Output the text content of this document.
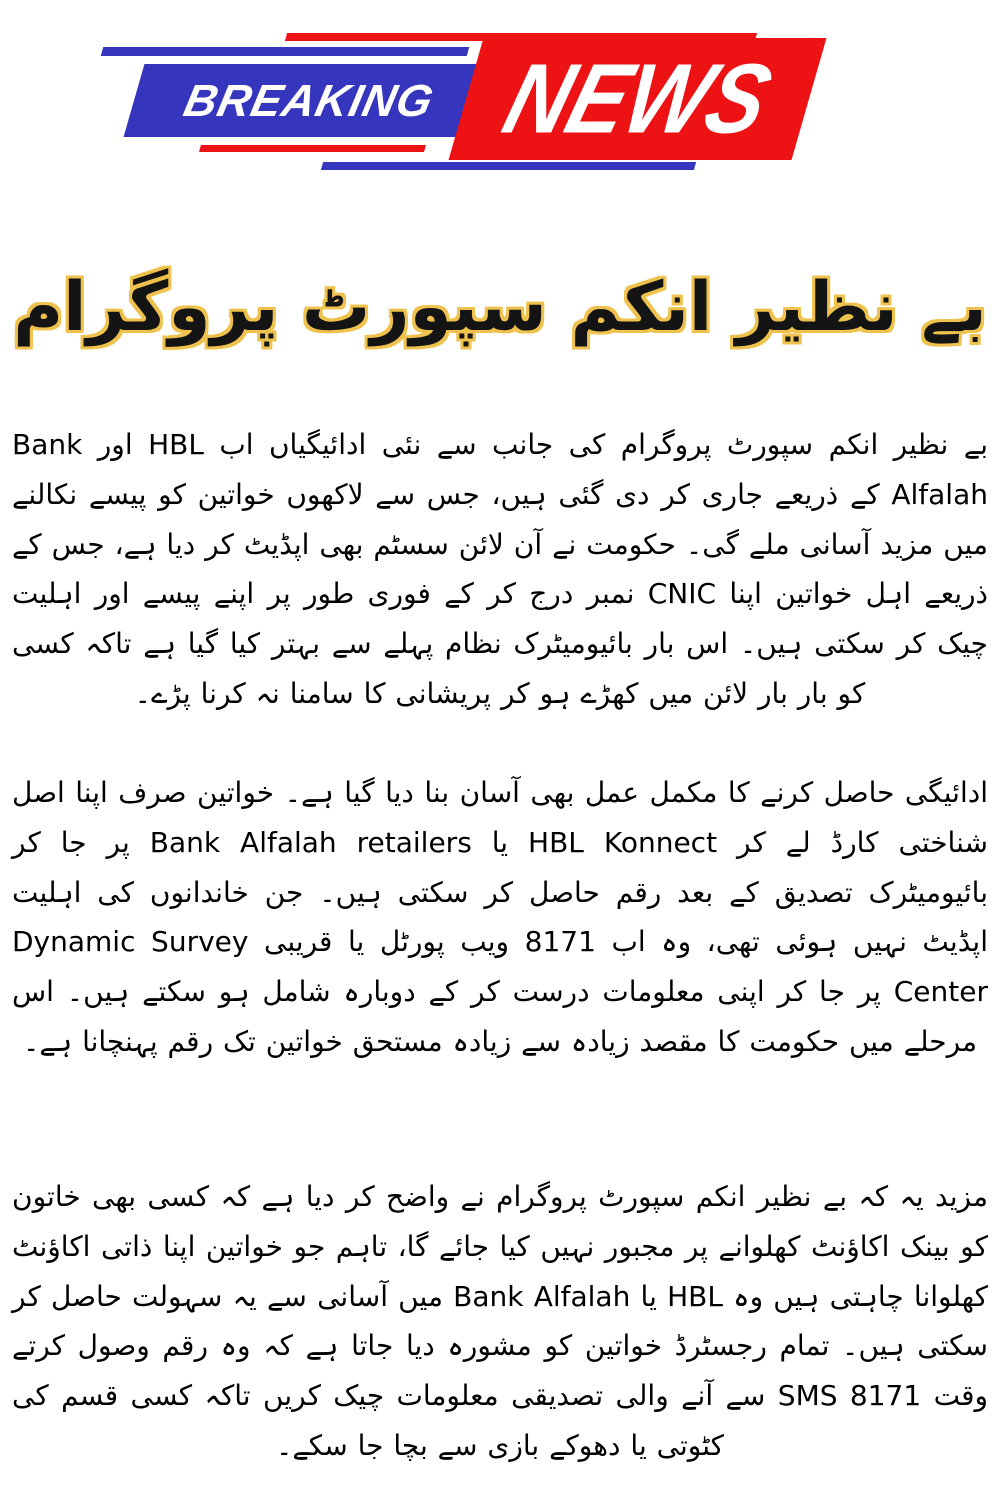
NEWS
BREAKING
بے نظیر انکم سپورٹ پروگرام
بے نظیر انکم سپورٹ پروگرام کی جانب سے نئی ادائیگیاں اب HBL اور Bank Alfalah کے ذریعے جاری کر دی گئی ہیں، جس سے لاکھوں خواتین کو پیسے نکالنے میں مزید آسانی ملے گی۔ حکومت نے آن لائن سسٹم بھی اپڈیٹ کر دیا ہے، جس کے ذریعے اہل خواتین اپنا CNIC نمبر درج کر کے فوری طور پر اپنے پیسے اور اہلیت چیک کر سکتی ہیں۔ اس بار بائیومیٹرک نظام پہلے سے بہتر کیا گیا ہے تاکہ کسی کو بار بار لائن میں کھڑے ہو کر پریشانی کا سامنا نہ کرنا پڑے۔
ادائیگی حاصل کرنے کا مکمل عمل بھی آسان بنا دیا گیا ہے۔ خواتین صرف اپنا اصل شناختی کارڈ لے کر HBL Konnect یا Bank Alfalah retailers پر جا کر بائیومیٹرک تصدیق کے بعد رقم حاصل کر سکتی ہیں۔ جن خاندانوں کی اہلیت اپڈیٹ نہیں ہوئی تھی، وہ اب 8171 ویب پورٹل یا قریبی Dynamic Survey Center پر جا کر اپنی معلومات درست کر کے دوبارہ شامل ہو سکتے ہیں۔ اس مرحلے میں حکومت کا مقصد زیادہ سے زیادہ مستحق خواتین تک رقم پہنچانا ہے۔
مزید یہ کہ بے نظیر انکم سپورٹ پروگرام نے واضح کر دیا ہے کہ کسی بھی خاتون کو بینک اکاؤنٹ کھلوانے پر مجبور نہیں کیا جائے گا، تاہم جو خواتین اپنا ذاتی اکاؤنٹ کھلوانا چاہتی ہیں وہ HBL یا Bank Alfalah میں آسانی سے یہ سہولت حاصل کر سکتی ہیں۔ تمام رجسٹرڈ خواتین کو مشورہ دیا جاتا ہے کہ وہ رقم وصول کرتے وقت SMS 8171 سے آنے والی تصدیقی معلومات چیک کریں تاکہ کسی قسم کی کٹوتی یا دھوکے بازی سے بچا جا سکے۔
